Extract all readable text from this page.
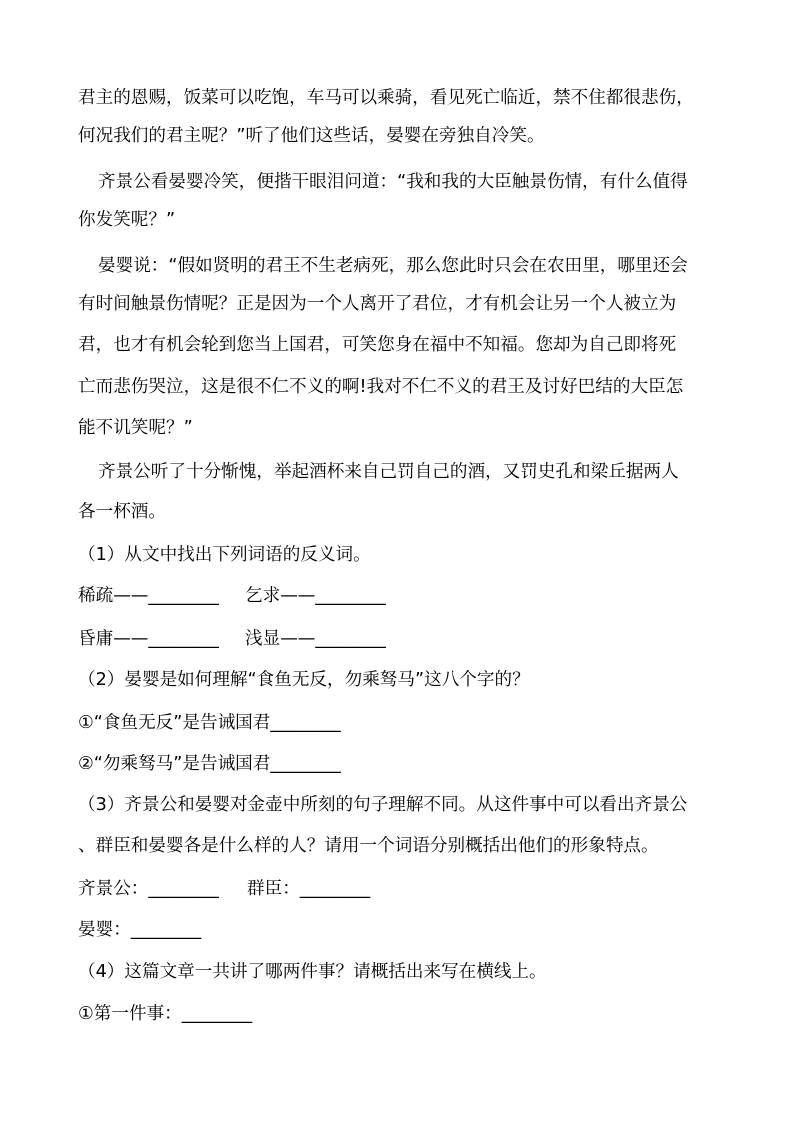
君主的恩赐，饭菜可以吃饱，车马可以乘骑，看见死亡临近，禁不住都很悲伤，
何况我们的君主呢？”听了他们这些话，晏婴在旁独自冷笑。
齐景公看晏婴冷笑，便揩干眼泪问道：“我和我的大臣触景伤情，有什么值得
你发笑呢？”
晏婴说：“假如贤明的君王不生老病死，那么您此时只会在农田里，哪里还会
有时间触景伤情呢？正是因为一个人离开了君位，才有机会让另一个人被立为
君，也才有机会轮到您当上国君，可笑您身在福中不知福。您却为自己即将死
亡而悲伤哭泣，这是很不仁不义的啊!我对不仁不义的君王及讨好巴结的大臣怎
能不讥笑呢？”
齐景公听了十分惭愧，举起酒杯来自己罚自己的酒，又罚史孔和梁丘据两人
各一杯酒。
（1）从文中找出下列词语的反义词。
稀疏——________ 乞求——________
昏庸——________ 浅显——________
（2）晏婴是如何理解“食鱼无反，勿乘驽马”这八个字的？
①“食鱼无反”是告诫国君________
②“勿乘驽马”是告诫国君________
（3）齐景公和晏婴对金壶中所刻的句子理解不同。从这件事中可以看出齐景公
、群臣和晏婴各是什么样的人？请用一个词语分别概括出他们的形象特点。
齐景公：________ 群臣：________
晏婴：________
（4）这篇文章一共讲了哪两件事？请概括出来写在横线上。
①第一件事：________
